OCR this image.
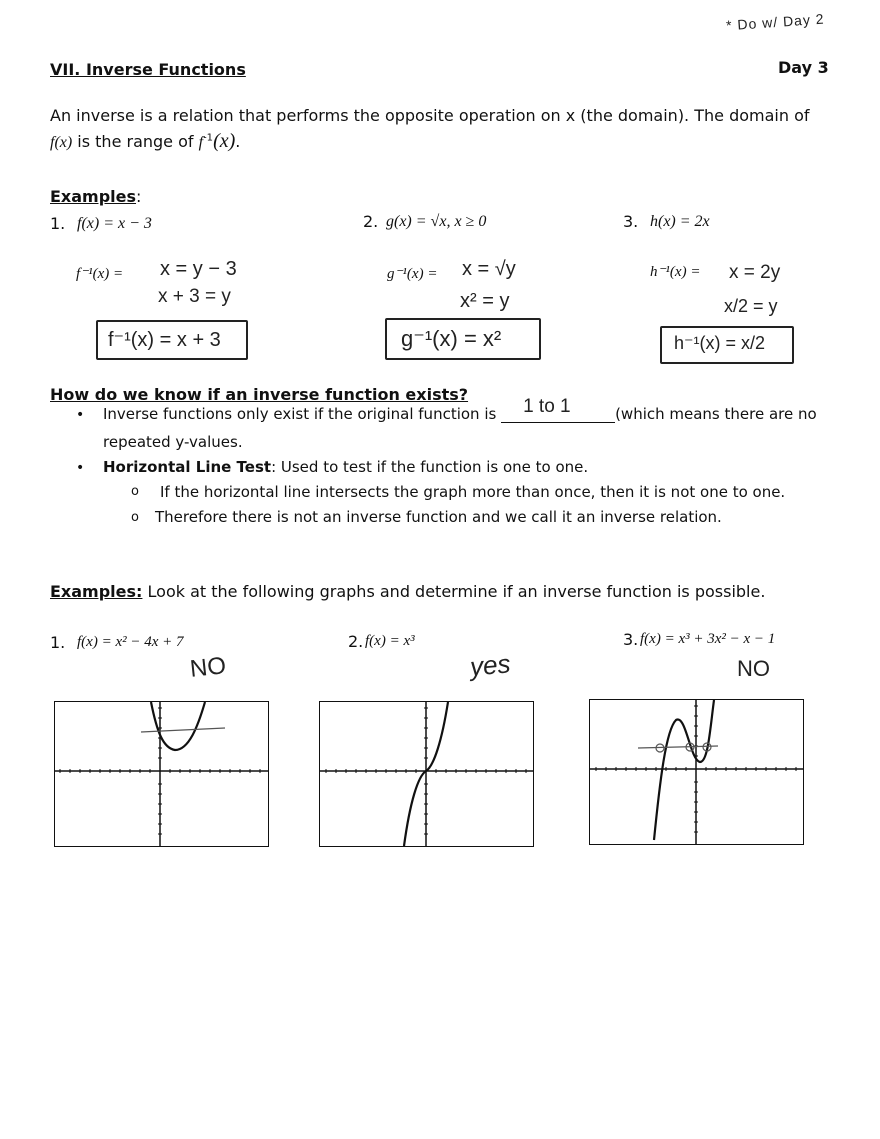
* Do w/ Day 2
VII. Inverse Functions	Day 3
An inverse is a relation that performs the opposite operation on x (the domain). The domain of
f(x) is the range of $f^{-1}(x)$.
Examples:
1. f(x) = x − 3
f⁻¹(x) = x = y − 3
x + 3 = y
f⁻¹(x) = x + 3
2. g(x) = √x, x ≥ 0
g⁻¹(x) = x = √y
x² = y
g⁻¹(x) = x²
3. h(x) = 2x
h⁻¹(x) = x = 2y
x/2 = y
h⁻¹(x) = x/2
How do we know if an inverse function exists?
• Inverse functions only exist if the original function is 1 to 1	(which means there are no
repeated y-values.
• Horizontal Line Test: Used to test if the function is one to one.
o If the horizontal line intersects the graph more than once, then it is not one to one.
o Therefore there is not an inverse function and we call it an inverse relation.
Examples: Look at the following graphs and determine if an inverse function is possible.
1. f(x) = x² − 4x + 7
NO
2. f(x) = x³
yes
3. f(x) = x³ + 3x² − x − 1
NO
